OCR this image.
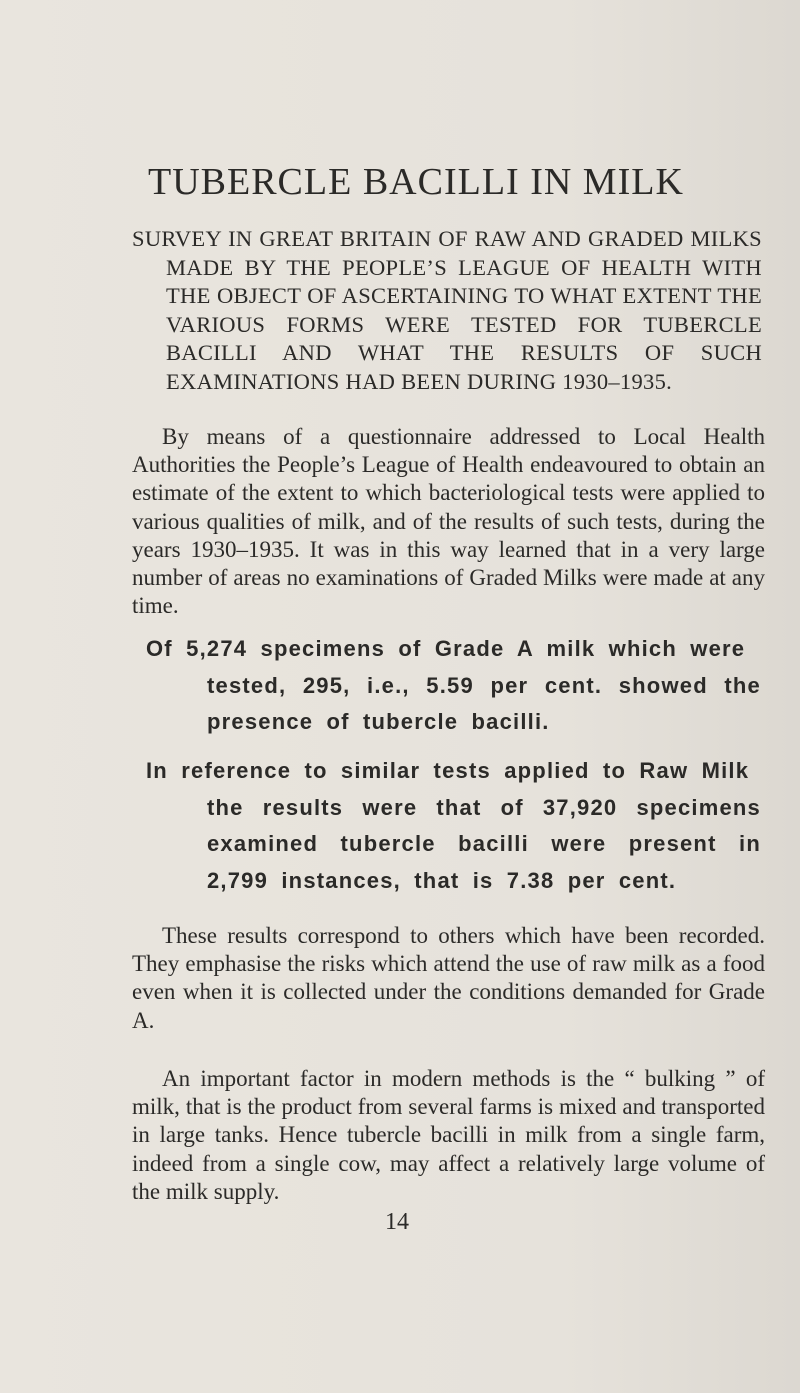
TUBERCLE BACILLI IN MILK
SURVEY IN GREAT BRITAIN OF RAW AND GRADED MILKS MADE BY THE PEOPLE’S LEAGUE OF HEALTH WITH THE OBJECT OF ASCERTAINING TO WHAT EXTENT THE VARIOUS FORMS WERE TESTED FOR TUBERCLE BACILLI AND WHAT THE RESULTS OF SUCH EXAMINATIONS HAD BEEN DURING 1930–1935.

By means of a questionnaire addressed to Local Health Authorities the People’s League of Health endeavoured to obtain an estimate of the extent to which bacteriological tests were applied to various qualities of milk, and of the results of such tests, during the years 1930–1935. It was in this way learned that in a very large number of areas no examinations of Graded Milks were made at any time.

Of 5,274 specimens of Grade A milk which were
tested, 295, i.e., 5.59 per cent. showed the presence of tubercle bacilli.
In reference to similar tests applied to Raw Milk
the results were that of 37,920 specimens examined tubercle bacilli were present in 2,799 instances, that is 7.38 per cent.

These results correspond to others which have been recorded. They emphasise the risks which attend the use of raw milk as a food even when it is collected under the conditions demanded for Grade A.

An important factor in modern methods is the “ bulking ” of milk, that is the product from several farms is mixed and transported in large tanks. Hence tubercle bacilli in milk from a single farm, indeed from a single cow, may affect a relatively large volume of the milk supply.

14
